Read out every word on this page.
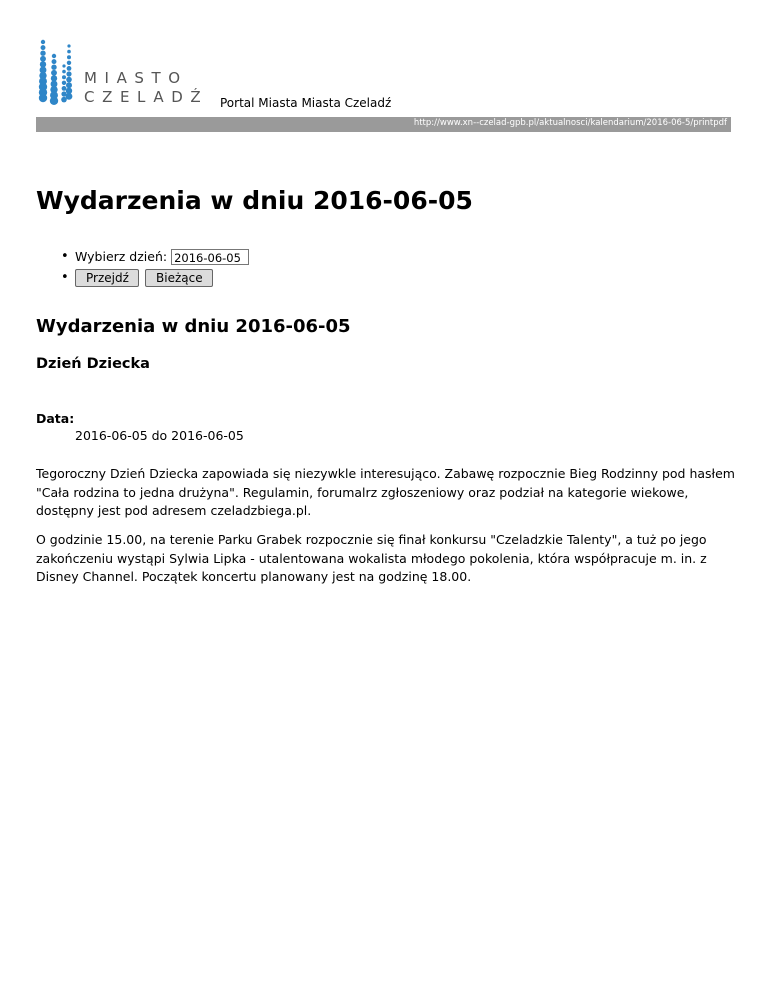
MIASTO
CZELADŹ Portal Miasta Miasta Czeladź
http://www.xn--czelad-gpb.pl/aktualnosci/kalendarium/2016-06-5/printpdf
Wydarzenia w dniu 2016-06-05
• Wybierz dzień: 2016-06-05
• Przejdź Bieżące
Wydarzenia w dniu 2016-06-05
Dzień Dziecka
Data:
2016-06-05 do 2016-06-05

Tegoroczny Dzień Dziecka zapowiada się niezywkle interesująco. Zabawę rozpocznie Bieg Rodzinny pod hasłem "Cała rodzina to jedna drużyna". Regulamin, forumalrz zgłoszeniowy oraz podział na kategorie wiekowe, dostępny jest pod adresem czeladzbiega.pl.

O godzinie 15.00, na terenie Parku Grabek rozpocznie się finał konkursu "Czeladzkie Talenty", a tuż po jego zakończeniu wystąpi Sylwia Lipka - utalentowana wokalista młodego pokolenia, która współpracuje m. in. z Disney Channel. Początek koncertu planowany jest na godzinę 18.00.
